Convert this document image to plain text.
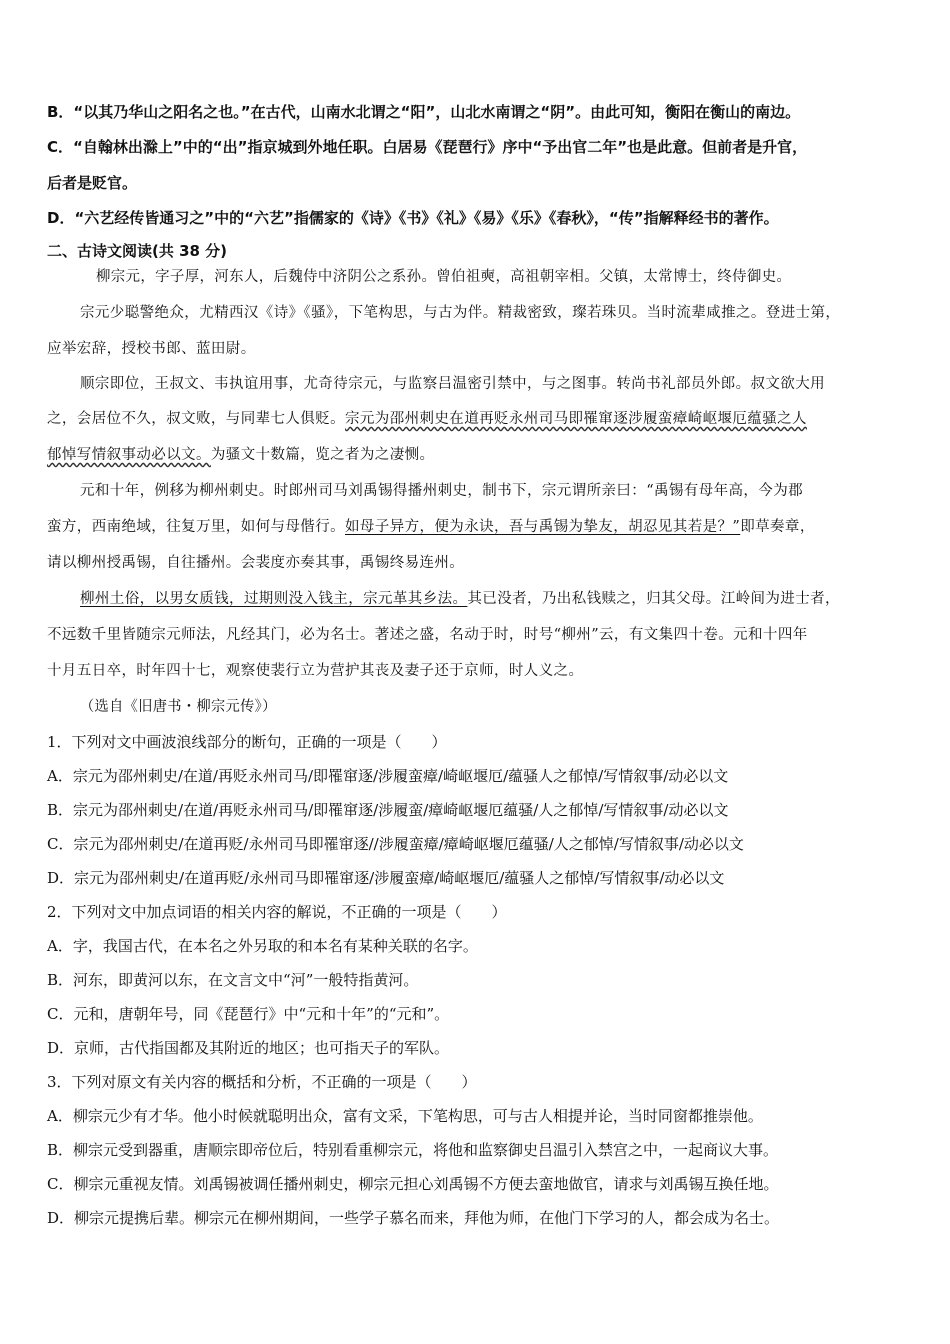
B．“以其乃华山之阳名之也。”在古代，山南水北谓之“阳”，山北水南谓之“阴”。由此可知，衡阳在衡山的南边。
C．“自翰林出滁上”中的“出”指京城到外地任职。白居易《琵琶行》序中“予出官二年”也是此意。但前者是升官，
后者是贬官。
D．“六艺经传皆通习之”中的“六艺”指儒家的《诗》《书》《礼》《易》《乐》《春秋》，“传”指解释经书的著作。
二、古诗文阅读(共 38 分)
柳宗元，字子厚，河东人，后魏侍中济阴公之系孙。曾伯祖奭，高祖朝宰相。父镇，太常博士，终侍御史。
宗元少聪警绝众，尤精西汉《诗》《骚》，下笔构思，与古为伴。精裁密致，璨若珠贝。当时流辈咸推之。登进士第，
应举宏辞，授校书郎、蓝田尉。
顺宗即位，王叔文、韦执谊用事，尤奇待宗元，与监察吕温密引禁中，与之图事。转尚书礼部员外郎。叔文欲大用
之，会居位不久，叔文败，与同辈七人俱贬。宗元为邵州刺史在道再贬永州司马即罹窜逐涉履蛮瘴崎岖堰厄蕴骚之人
郁悼写情叙事动必以文。为骚文十数篇，览之者为之凄恻。
元和十年，例移为柳州刺史。时郎州司马刘禹锡得播州刺史，制书下，宗元谓所亲曰：“禹锡有母年高，今为郡
蛮方，西南绝域，往复万里，如何与母偕行。如母子异方，便为永诀，吾与禹锡为挚友，胡忍见其若是？”即草奏章，
请以柳州授禹锡，自往播州。会裴度亦奏其事，禹锡终易连州。
柳州土俗，以男女质钱，过期则没入钱主，宗元革其乡法。其已没者，乃出私钱赎之，归其父母。江岭间为进士者，
不远数千里皆随宗元师法，凡经其门，必为名士。著述之盛，名动于时，时号“柳州”云，有文集四十卷。元和十四年
十月五日卒，时年四十七，观察使裴行立为营护其丧及妻子还于京师，时人义之。
（选自《旧唐书・柳宗元传》）
1．下列对文中画波浪线部分的断句，正确的一项是（　　）
A．宗元为邵州刺史/在道/再贬永州司马/即罹窜逐/涉履蛮瘴/崎岖堰厄/蕴骚人之郁悼/写情叙事/动必以文
B．宗元为邵州刺史/在道/再贬永州司马/即罹窜逐/涉履蛮/瘴崎岖堰厄蕴骚/人之郁悼/写情叙事/动必以文
C．宗元为邵州刺史/在道再贬/永州司马即罹窜逐//涉履蛮瘴/瘴崎岖堰厄蕴骚/人之郁悼/写情叙事/动必以文
D．宗元为邵州刺史/在道再贬/永州司马即罹窜逐/涉履蛮瘴/崎岖堰厄/蕴骚人之郁悼/写情叙事/动必以文
2．下列对文中加点词语的相关内容的解说，不正确的一项是（　　）
A．字，我国古代，在本名之外另取的和本名有某种关联的名字。
B．河东，即黄河以东，在文言文中“河”一般特指黄河。
C．元和，唐朝年号，同《琵琶行》中“元和十年”的“元和”。
D．京师，古代指国都及其附近的地区；也可指天子的军队。
3．下列对原文有关内容的概括和分析，不正确的一项是（　　）
A．柳宗元少有才华。他小时候就聪明出众，富有文采，下笔构思，可与古人相提并论，当时同窗都推崇他。
B．柳宗元受到器重，唐顺宗即帝位后，特别看重柳宗元，将他和监察御史吕温引入禁宫之中，一起商议大事。
C．柳宗元重视友情。刘禹锡被调任播州刺史，柳宗元担心刘禹锡不方便去蛮地做官，请求与刘禹锡互换任地。
D．柳宗元提携后辈。柳宗元在柳州期间，一些学子慕名而来，拜他为师，在他门下学习的人，都会成为名士。
